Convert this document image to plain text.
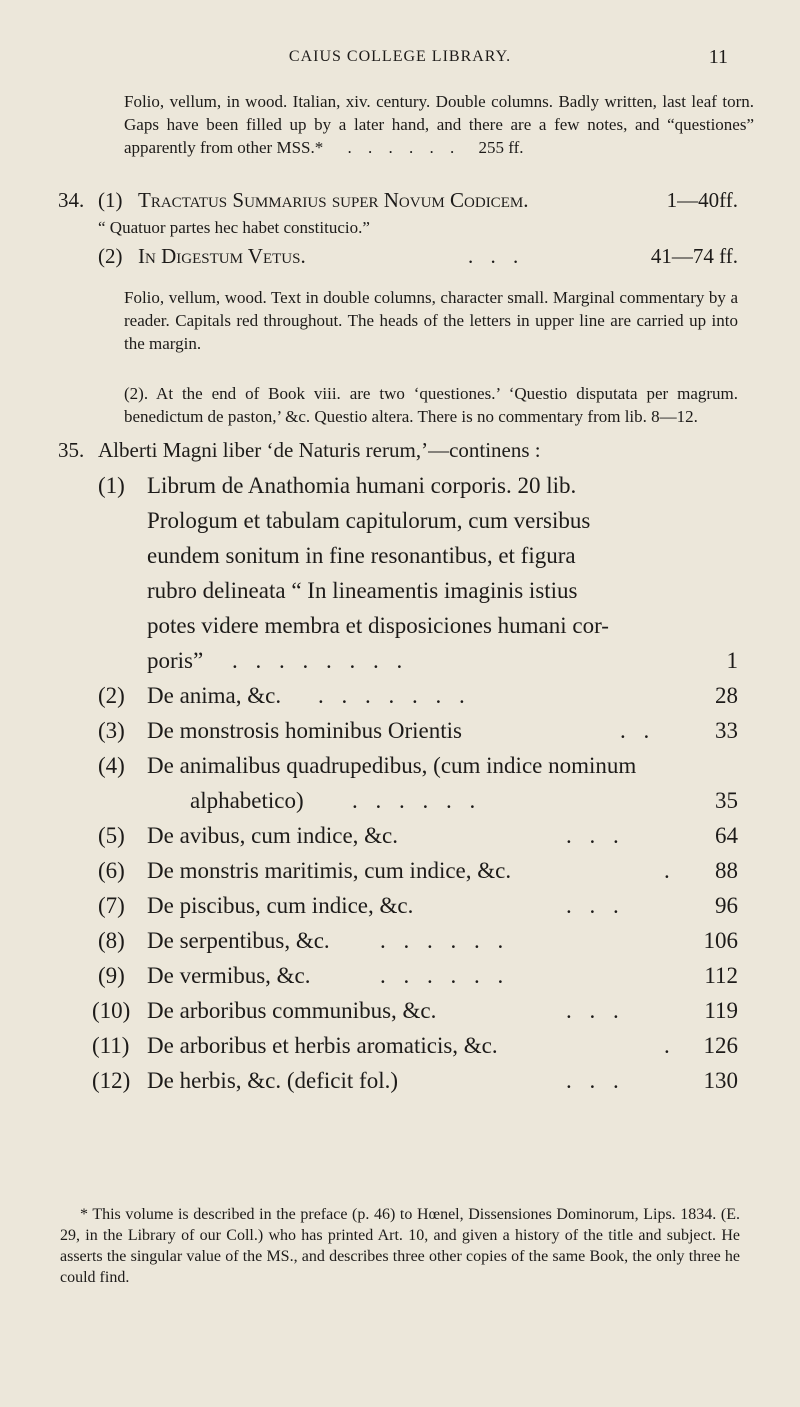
CAIUS COLLEGE LIBRARY.	11

Folio, vellum, in wood. Italian, xiv. century. Double columns. Badly written, last leaf torn. Gaps have been filled up by a later hand, and there are a few notes, and “questiones” apparently from other MSS.* . . . . . . 255 ff.

34. (1) Tractatus Summarius super Novum Codicem.	1—40ff.
“ Quatuor partes hec habet constitucio.”
(2) In Digestum Vetus.	. . .	41—74 ff.

Folio, vellum, wood. Text in double columns, character small. Marginal commentary by a reader. Capitals red throughout. The heads of the letters in upper line are carried up into the margin.

(2). At the end of Book viii. are two ‘questiones.’ ‘Questio disputata per magrum. benedictum de paston,’ &c. Questio altera. There is no commentary from lib. 8—12.

35. Alberti Magni liber ‘de Naturis rerum,’—continens :
(1) Librum de Anathomia humani corporis. 20 lib.
Prologum et tabulam capitulorum, cum versibus
eundem sonitum in fine resonantibus, et figura
rubro delineata “ In lineamentis imaginis istius
potes videre membra et disposiciones humani cor-
poris” . . . . . . . .	1
(2) De anima, &c. . . . . . . .	28
(3) De monstrosis hominibus Orientis	. .	33
(4) De animalibus quadrupedibus, (cum indice nominum
alphabetico) . . . . . .	35
(5) De avibus, cum indice, &c.	. . .	64
(6) De monstris maritimis, cum indice, &c.	. 88
(7) De piscibus, cum indice, &c.	. . .	96
(8) De serpentibus, &c. . . . . . .	106
(9) De vermibus, &c.	. . . . . .	112
(10) De arboribus communibus, &c.	. . .	119
(11) De arboribus et herbis aromaticis, &c.	. 126
(12) De herbis, &c. (deficit fol.)	. . .	130
* This volume is described in the preface (p. 46) to Hœnel, Dissensiones Dominorum, Lips. 1834. (E. 29, in the Library of our Coll.) who has printed Art. 10, and given a history of the title and subject. He asserts the singular value of the MS., and describes three other copies of the same Book, the only three he could find.
